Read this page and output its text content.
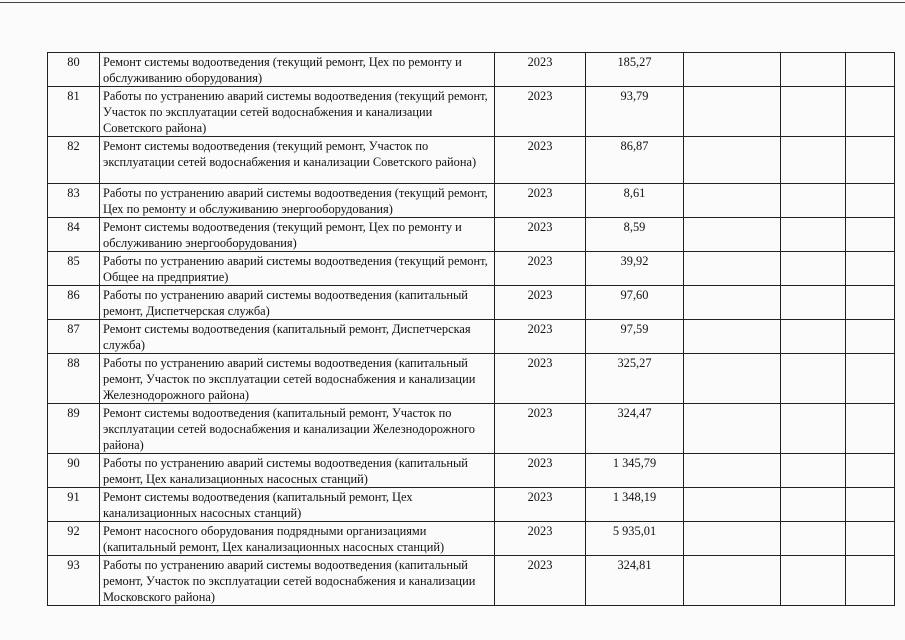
80	Ремонт системы водоотведения (текущий ремонт, Цех по ремонту и обслуживанию оборудования)	2023	185,27			
81	Работы по устранению аварий системы водоотведения (текущий ремонт, Участок по эксплуатации сетей водоснабжения и канализации Советского района)	2023	93,79			
82	Ремонт системы водоотведения (текущий ремонт, Участок по эксплуатации сетей водоснабжения и канализации Советского района)	2023	86,87			
83	Работы по устранению аварий системы водоотведения (текущий ремонт, Цех по ремонту и обслуживанию энергооборудования)	2023	8,61			
84	Ремонт системы водоотведения (текущий ремонт, Цех по ремонту и обслуживанию энергооборудования)	2023	8,59			
85	Работы по устранению аварий системы водоотведения (текущий ремонт, Общее на предприятие)	2023	39,92			
86	Работы по устранению аварий системы водоотведения (капитальный ремонт, Диспетчерская служба)	2023	97,60			
87	Ремонт системы водоотведения (капитальный ремонт, Диспетчерская служба)	2023	97,59			
88	Работы по устранению аварий системы водоотведения (капитальный ремонт, Участок по эксплуатации сетей водоснабжения и канализации Железнодорожного района)	2023	325,27			
89	Ремонт системы водоотведения (капитальный ремонт, Участок по эксплуатации сетей водоснабжения и канализации Железнодорожного района)	2023	324,47			
90	Работы по устранению аварий системы водоотведения (капитальный ремонт, Цех канализационных насосных станций)	2023	1 345,79			
91	Ремонт системы водоотведения (капитальный ремонт, Цех канализационных насосных станций)	2023	1 348,19			
92	Ремонт насосного оборудования подрядными организациями (капитальный ремонт, Цех канализационных насосных станций)	2023	5 935,01			
93	Работы по устранению аварий системы водоотведения (капитальный ремонт, Участок по эксплуатации сетей водоснабжения и канализации Московского района)	2023	324,81			
